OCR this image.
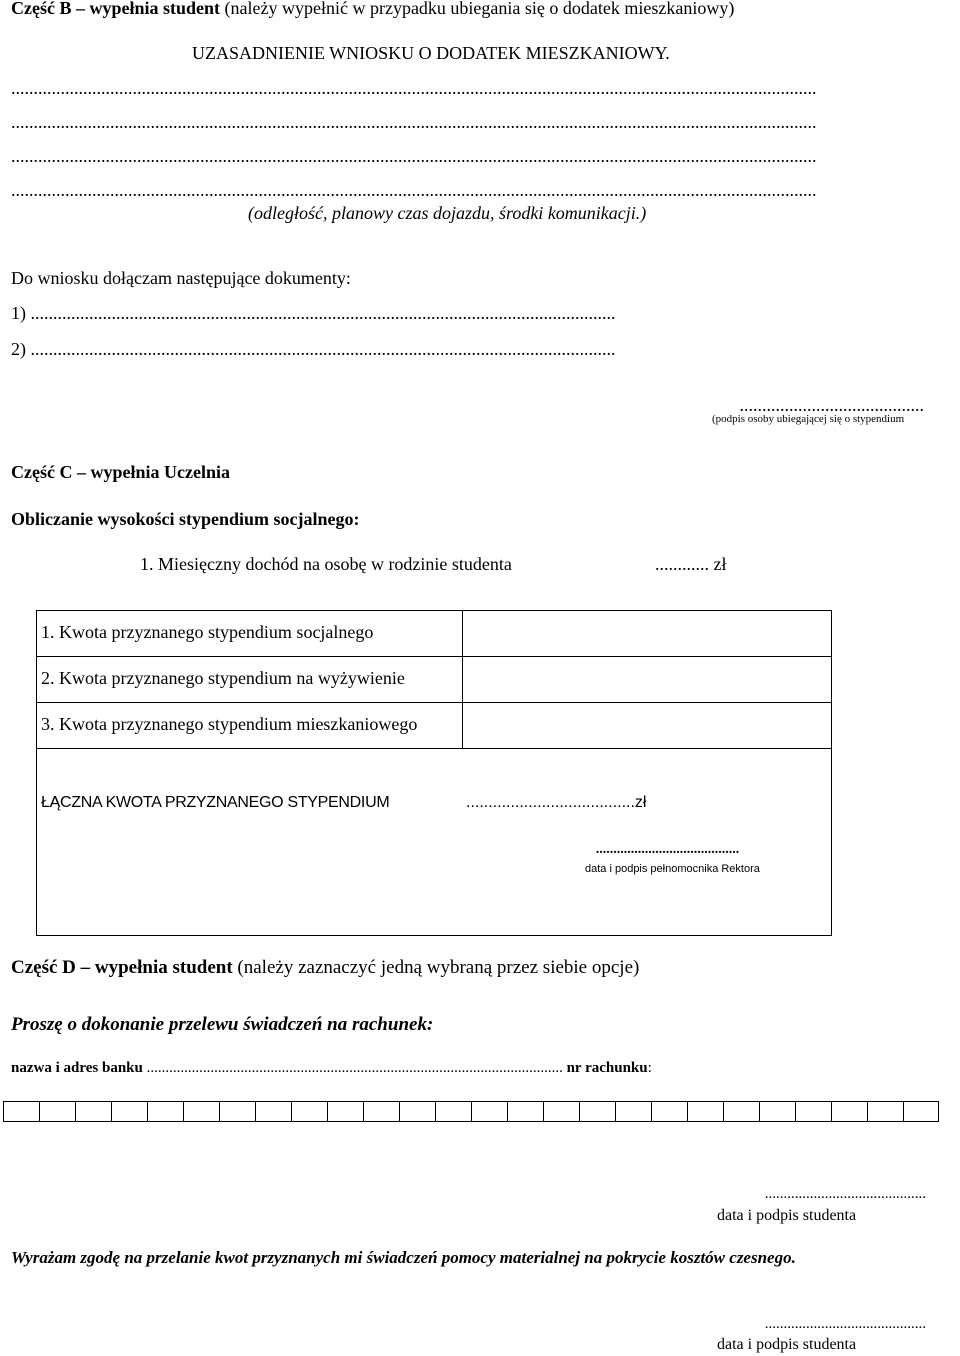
Część B – wypełnia student (należy wypełnić w przypadku ubiegania się o dodatek mieszkaniowy)
UZASADNIENIE WNIOSKU O DODATEK MIESZKANIOWY.
...................................................................................................................................................................................
...................................................................................................................................................................................
...................................................................................................................................................................................
...................................................................................................................................................................................
(odległość, planowy czas dojazdu, środki komunikacji.)
Do wniosku dołączam następujące dokumenty:
1) ..................................................................................................................................
2) ..................................................................................................................................
.........................................
(podpis osoby ubiegającej się o stypendium
Część C – wypełnia Uczelnia
Obliczanie wysokości stypendium socjalnego:
1. Miesięczny dochód na osobę w rodzinie studenta	............ zł
1. Kwota przyznanego stypendium socjalnego
2. Kwota przyznanego stypendium na wyżywienie
3. Kwota przyznanego stypendium mieszkaniowego
ŁĄCZNA KWOTA PRZYZNANEGO STYPENDIUM	......................................zł
.........................................
data i podpis pełnomocnika Rektora
Część D – wypełnia student (należy zaznaczyć jedną wybraną przez siebie opcje)
Proszę o dokonanie przelewu świadczeń na rachunek:
nazwa i adres banku ............................................................................................................... nr rachunku:
...........................................
data i podpis studenta
Wyrażam zgodę na przelanie kwot przyznanych mi świadczeń pomocy materialnej na pokrycie kosztów czesnego.
...........................................
data i podpis studenta
